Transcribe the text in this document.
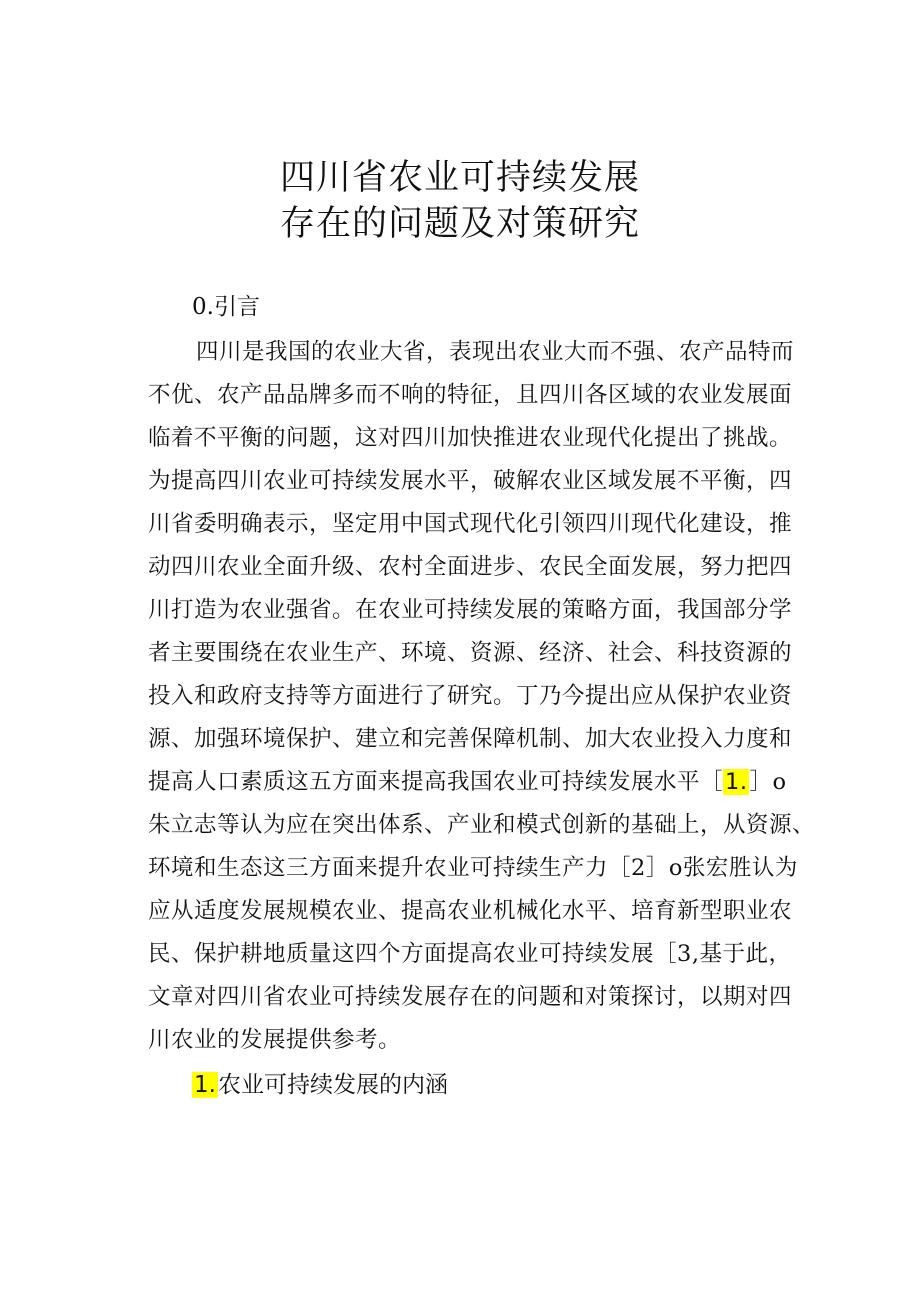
四川省农业可持续发展
存在的问题及对策研究
0.引言
四川是我国的农业大省，表现出农业大而不强、农产品特而
不优、农产品品牌多而不响的特征，且四川各区域的农业发展面
临着不平衡的问题，这对四川加快推进农业现代化提出了挑战。
为提高四川农业可持续发展水平，破解农业区域发展不平衡，四
川省委明确表示，坚定用中国式现代化引领四川现代化建设，推
动四川农业全面升级、农村全面进步、农民全面发展，努力把四
川打造为农业强省。在农业可持续发展的策略方面，我国部分学
者主要围绕在农业生产、环境、资源、经济、社会、科技资源的
投入和政府支持等方面进行了研究。丁乃今提出应从保护农业资
源、加强环境保护、建立和完善保障机制、加大农业投入力度和
提高人口素质这五方面来提高我国农业可持续发展水平［1.］o
朱立志等认为应在突出体系、产业和模式创新的基础上，从资源、
环境和生态这三方面来提升农业可持续生产力［2］o张宏胜认为
应从适度发展规模农业、提高农业机械化水平、培育新型职业农
民、保护耕地质量这四个方面提高农业可持续发展［3,基于此，
文章对四川省农业可持续发展存在的问题和对策探讨，以期对四
川农业的发展提供参考。
1.农业可持续发展的内涵
